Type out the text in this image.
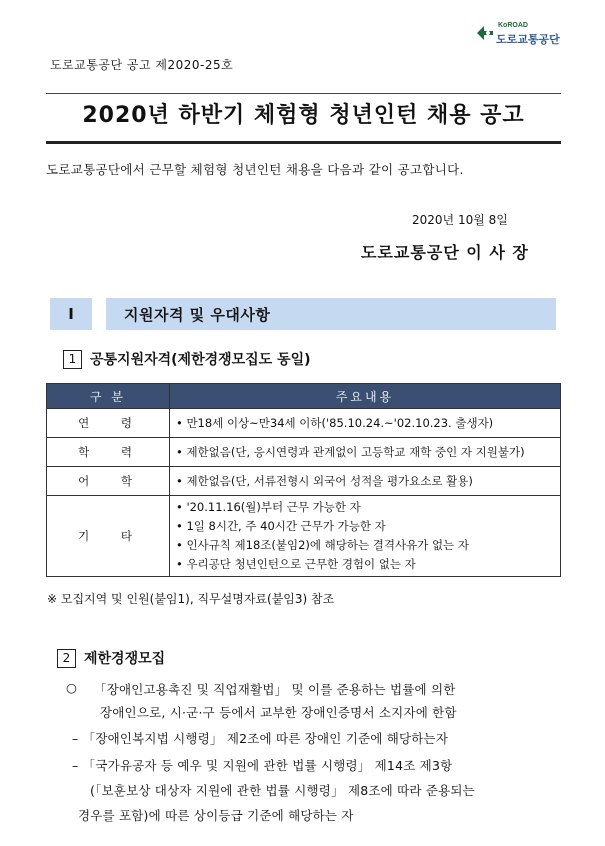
KoROAD
도로교통공단
도로교통공단 공고 제2020-25호
2020년 하반기 체험형 청년인턴 채용 공고
도로교통공단에서 근무할 체험형 청년인턴 채용을 다음과 같이 공고합니다.
2020년 10월 8일
도로교통공단 이 사 장
Ⅰ	지원자격 및 우대사항
1 공통지원자격(제한경쟁모집도 동일)
구 분	주요내용
연 령	• 만18세 이상~만34세 이하('85.10.24.~'02.10.23. 출생자)

학 력	• 제한없음(단, 응시연령과 관계없이 고등학교 재학 중인 자 지원불가)

어 학	• 제한없음(단, 서류전형시 외국어 성적을 평가요소로 활용)

기 타	• '20.11.16(월)부터 근무 가능한 자
• 1일 8시간, 주 40시간 근무가 가능한 자
• 인사규칙 제18조(붙임2)에 해당하는 결격사유가 없는 자
• 우리공단 청년인턴으로 근무한 경험이 없는 자
※ 모집지역 및 인원(붙임1), 직무설명자료(붙임3) 참조
2 제한경쟁모집
○ 「장애인고용촉진 및 직업재활법」 및 이를 준용하는 법률에 의한
장애인으로, 시·군·구 등에서 교부한 장애인증명서 소지자에 한함
– 「장애인복지법 시행령」 제2조에 따른 장애인 기준에 해당하는자
– 「국가유공자 등 예우 및 지원에 관한 법률 시행령」 제14조 제3항
(「보훈보상 대상자 지원에 관한 법률 시행령」 제8조에 따라 준용되는
경우를 포함)에 따른 상이등급 기준에 해당하는 자
